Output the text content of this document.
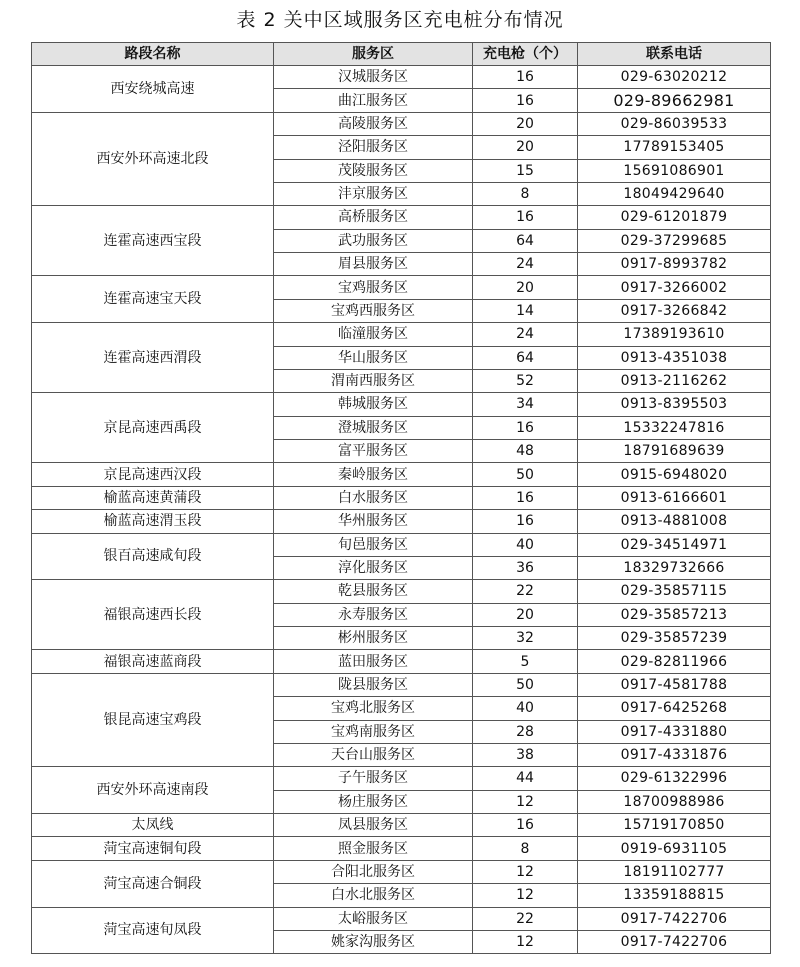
表 2 关中区域服务区充电桩分布情况
路段名称	服务区	充电枪（个）	联系电话
西安绕城高速	汉城服务区	16	029-63020212
	曲江服务区	16	029-89662981
西安外环高速北段	高陵服务区	20	029-86039533
	泾阳服务区	20	17789153405
	茂陵服务区	15	15691086901
	沣京服务区	8	18049429640
连霍高速西宝段	高桥服务区	16	029-61201879
	武功服务区	64	029-37299685
	眉县服务区	24	0917-8993782
连霍高速宝天段	宝鸡服务区	20	0917-3266002
	宝鸡西服务区	14	0917-3266842
连霍高速西渭段	临潼服务区	24	17389193610
	华山服务区	64	0913-4351038
	渭南西服务区	52	0913-2116262
京昆高速西禹段	韩城服务区	34	0913-8395503
	澄城服务区	16	15332247816
	富平服务区	48	18791689639
京昆高速西汉段	秦岭服务区	50	0915-6948020
榆蓝高速黄蒲段	白水服务区	16	0913-6166601
榆蓝高速渭玉段	华州服务区	16	0913-4881008
银百高速咸旬段	旬邑服务区	40	029-34514971
	淳化服务区	36	18329732666
福银高速西长段	乾县服务区	22	029-35857115
	永寿服务区	20	029-35857213
	彬州服务区	32	029-35857239
福银高速蓝商段	蓝田服务区	5	029-82811966
银昆高速宝鸡段	陇县服务区	50	0917-4581788
	宝鸡北服务区	40	0917-6425268
	宝鸡南服务区	28	0917-4331880
	天台山服务区	38	0917-4331876
西安外环高速南段	子午服务区	44	029-61322996
	杨庄服务区	12	18700988986
太凤线	凤县服务区	16	15719170850
菏宝高速铜旬段	照金服务区	8	0919-6931105
菏宝高速合铜段	合阳北服务区	12	18191102777
	白水北服务区	12	13359188815
菏宝高速旬凤段	太峪服务区	22	0917-7422706
	姚家沟服务区	12	0917-7422706
